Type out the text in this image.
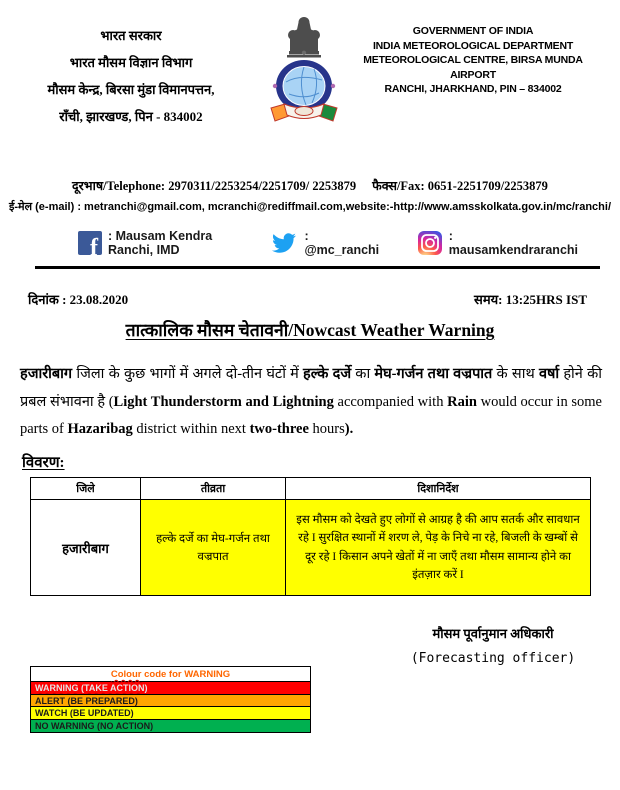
भारत सरकार
भारत मौसम विज्ञान विभाग
मौसम केन्द्र, बिरसा मुंडा विमानपत्तन,
राँची, झारखण्ड, पिन - 834002
GOVERNMENT OF INDIA
INDIA METEOROLOGICAL DEPARTMENT
METEOROLOGICAL CENTRE, BIRSA MUNDA AIRPORT
RANCHI, JHARKHAND, PIN – 834002
दूरभाष/Telephone: 2970311/2253254/2251709/ 2253879 फैक्स/Fax: 0651-2251709/2253879
ई-मेल (e-mail) : metranchi@gmail.com, mcranchi@rediffmail.com,website:-http://www.amsskolkata.gov.in/mc/ranchi/
f : Mausam Kendra Ranchi, IMD
: @mc_ranchi
: mausamkendraranchi
दिनांक : 23.08.2020	समय: 13:25HRS IST
तात्कालिक मौसम चेतावनी/Nowcast Weather Warning
हजारीबाग जिला के कुछ भागों में अगले दो-तीन घंटों में हल्के दर्जे का मेघ-गर्जन तथा वज्रपात के साथ वर्षा होने की प्रबल संभावना है (Light Thunderstorm and Lightning accompanied with Rain would occur in some parts of Hazaribag district within next two-three hours).
विवरण:
जिले	तीव्रता	दिशानिर्देश
हजारीबाग	हल्के दर्जे का मेघ-गर्जन तथा वज्रपात	इस मौसम को देखते हुए लोगों से आग्रह है की आप सतर्क और सावधान रहे I सुरक्षित स्थानों में शरण ले, पेड़ के निचे ना रहे, बिजली के खम्बों से दूर रहे I किसान अपने खेतों में ना जाएँ तथा मौसम सामान्य होने का इंतज़ार करें I
मौसम पूर्वानुमान अधिकारी
(Forecasting officer)
Colour code for WARNING
WARNING (TAKE ACTION)
ALERT (BE PREPARED)
WATCH (BE UPDATED)
NO WARNING (NO ACTION)
